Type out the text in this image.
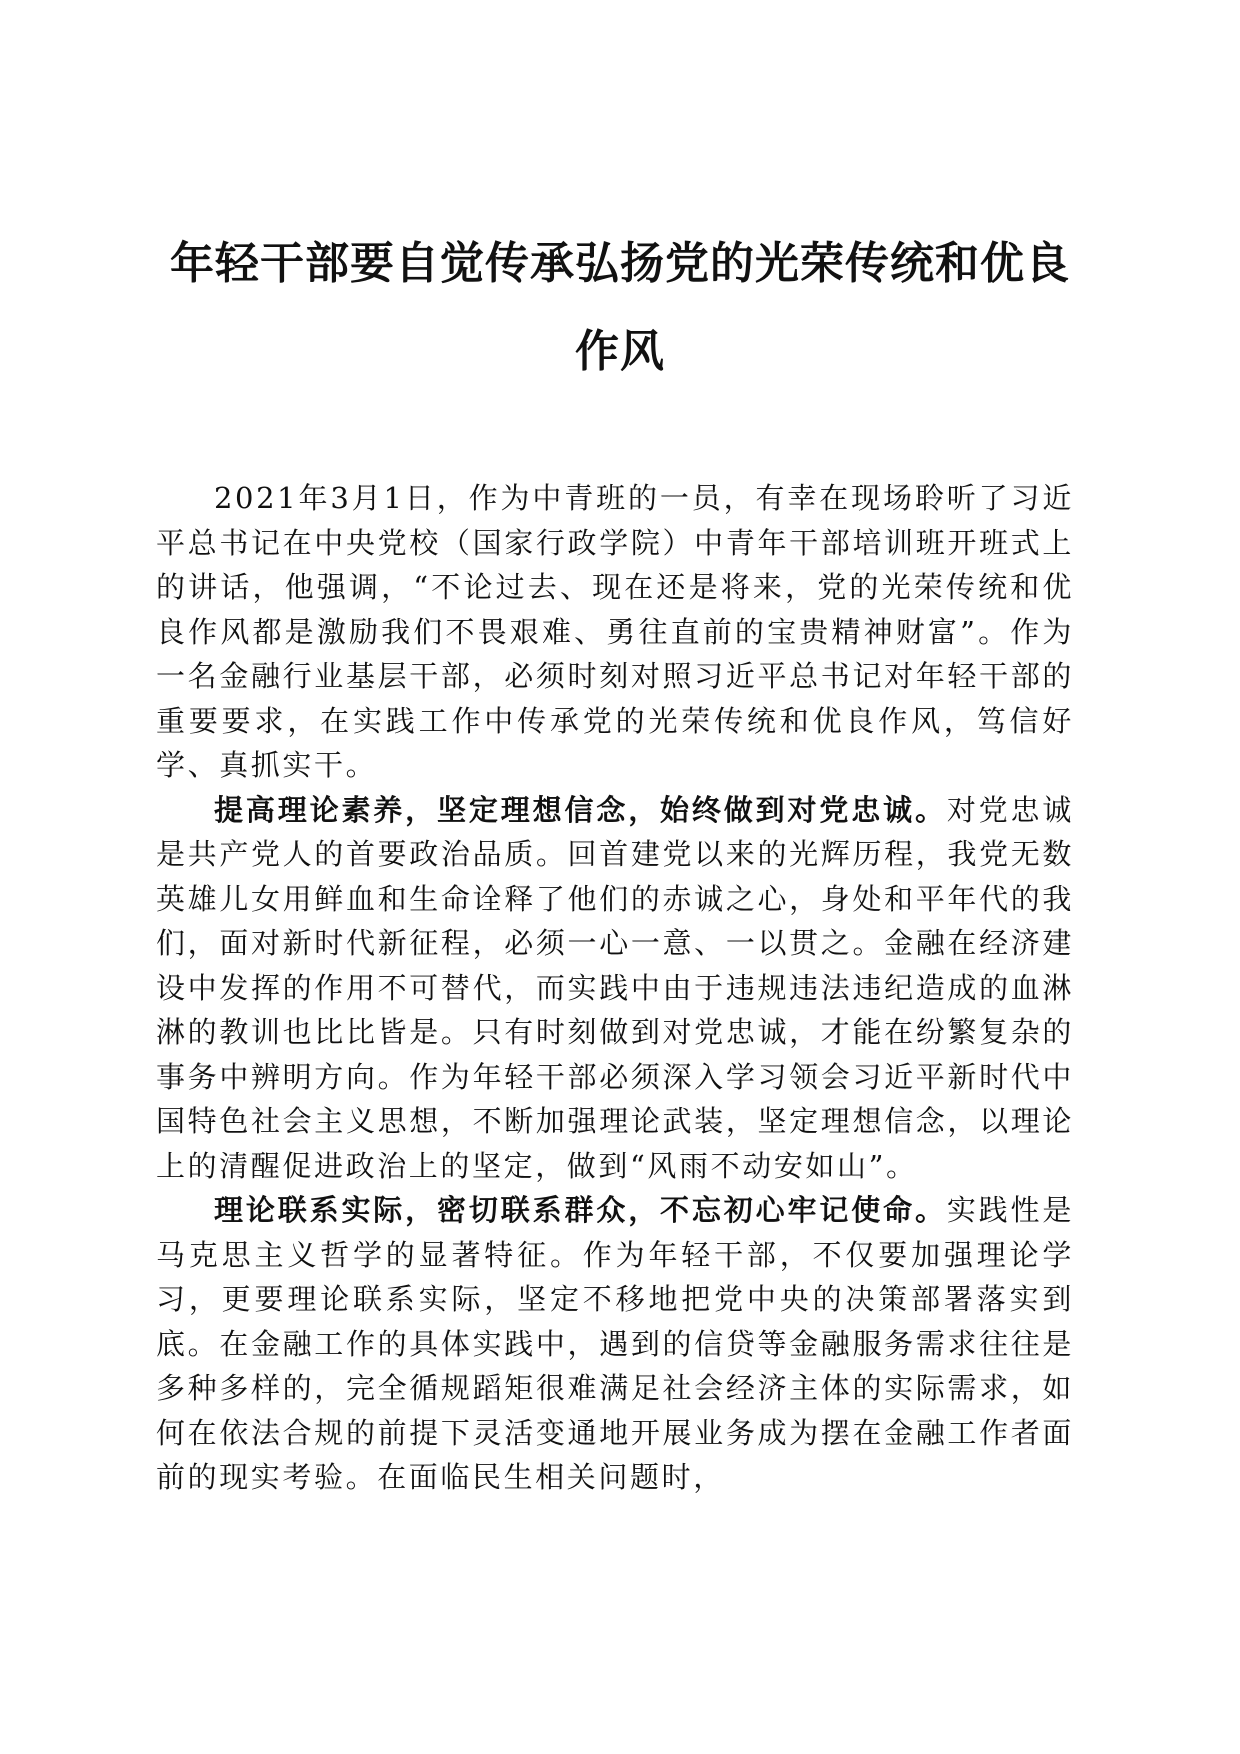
年轻干部要自觉传承弘扬党的光荣传统和优良
作风

2021年3月1日，作为中青班的一员，有幸在现场聆听了习近平总书记在中央党校（国家行政学院）中青年干部培训班开班式上的讲话，他强调，“不论过去、现在还是将来，党的光荣传统和优良作风都是激励我们不畏艰难、勇往直前的宝贵精神财富”。作为一名金融行业基层干部，必须时刻对照习近平总书记对年轻干部的重要要求，在实践工作中传承党的光荣传统和优良作风，笃信好学、真抓实干。

提高理论素养，坚定理想信念，始终做到对党忠诚。对党忠诚是共产党人的首要政治品质。回首建党以来的光辉历程，我党无数英雄儿女用鲜血和生命诠释了他们的赤诚之心，身处和平年代的我们，面对新时代新征程，必须一心一意、一以贯之。金融在经济建设中发挥的作用不可替代，而实践中由于违规违法违纪造成的血淋淋的教训也比比皆是。只有时刻做到对党忠诚，才能在纷繁复杂的事务中辨明方向。作为年轻干部必须深入学习领会习近平新时代中国特色社会主义思想，不断加强理论武装，坚定理想信念，以理论上的清醒促进政治上的坚定，做到“风雨不动安如山”。

理论联系实际，密切联系群众，不忘初心牢记使命。实践性是马克思主义哲学的显著特征。作为年轻干部，不仅要加强理论学习，更要理论联系实际，坚定不移地把党中央的决策部署落实到底。在金融工作的具体实践中，遇到的信贷等金融服务需求往往是多种多样的，完全循规蹈矩很难满足社会经济主体的实际需求，如何在依法合规的前提下灵活变通地开展业务成为摆在金融工作者面前的现实考验。在面临民生相关问题时，
